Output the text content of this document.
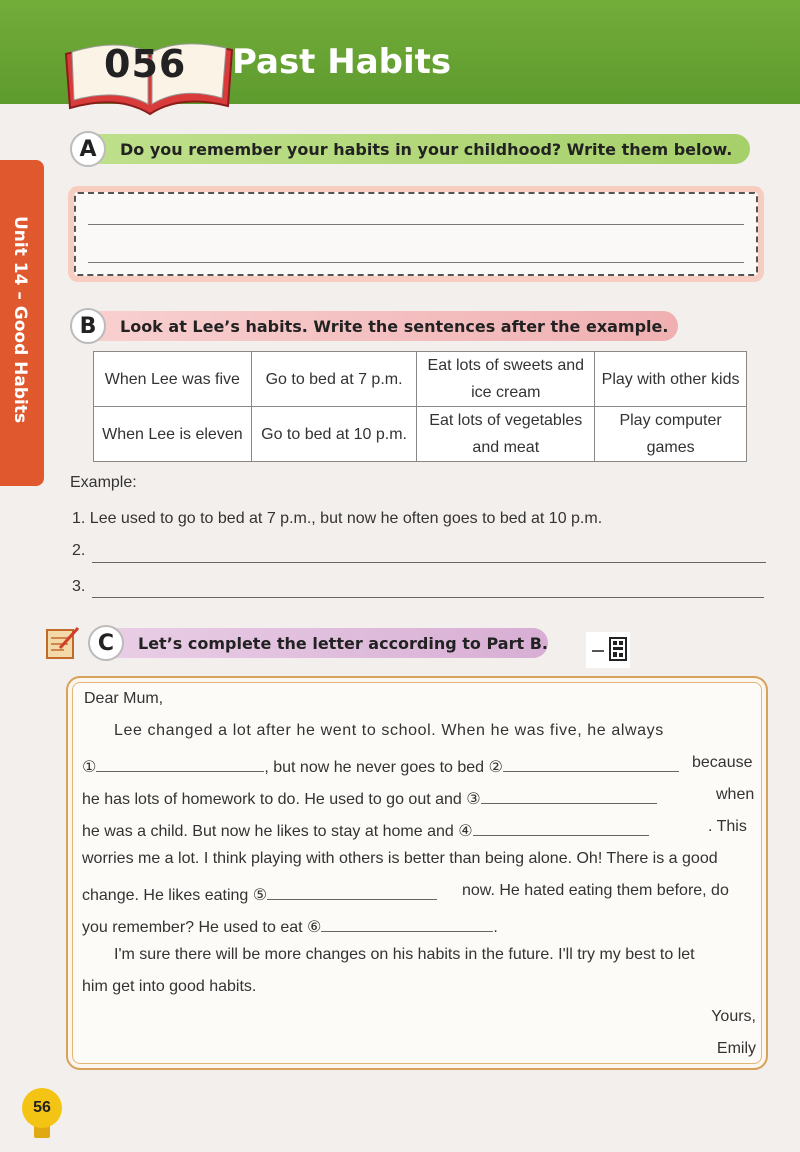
056 Past Habits
Unit 14 – Good Habits
A	Do you remember your habits in your childhood? Write them below.
B	Look at Lee’s habits. Write the sentences after the example.
When Lee was five	Go to bed at 7 p.m.	Eat lots of sweets and ice cream	Play with other kids
When Lee is eleven	Go to bed at 10 p.m.	Eat lots of vegetables and meat	Play computer games
Example:
1. Lee used to go to bed at 7 p.m., but now he often goes to bed at 10 p.m.
2.
3.
C	Let’s complete the letter according to Part B.
Dear Mum,
Lee changed a lot after he went to school. When he was five, he always
①	, but now he never goes to bed ②	because
he has lots of homework to do. He used to go out and ③	when
he was a child. But now he likes to stay at home and ④	. This
worries me a lot. I think playing with others is better than being alone. Oh! There is a good
change. He likes eating ⑤	now. He hated eating them before, do
you remember? He used to eat ⑥	.
I'm sure there will be more changes on his habits in the future. I'll try my best to let
him get into good habits.
Yours,
Emily
56
